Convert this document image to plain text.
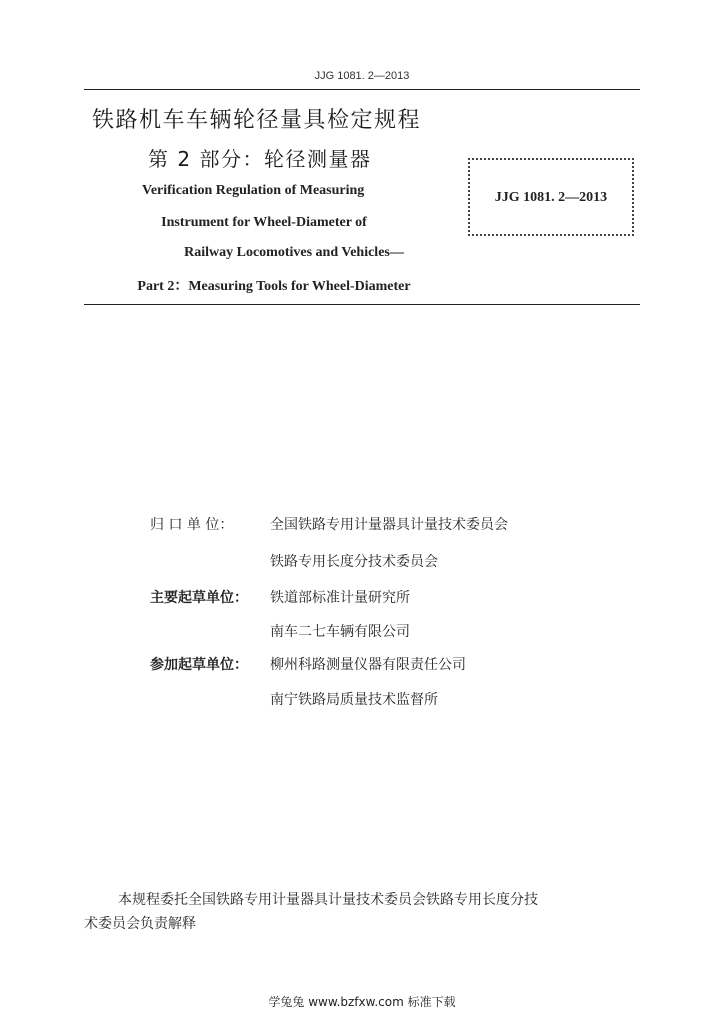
JJG 1081. 2—2013
铁路机车车辆轮径量具检定规程
第 2 部分：轮径测量器
Verification Regulation of Measuring
Instrument for Wheel-Diameter of
Railway Locomotives and Vehicles—
Part 2：Measuring Tools for Wheel-Diameter
JJG 1081. 2—2013
归 口 单 位：	全国铁路专用计量器具计量技术委员会
铁路专用长度分技术委员会
主要起草单位：	铁道部标准计量研究所
南车二七车辆有限公司
参加起草单位：	柳州科路测量仪器有限责任公司
南宁铁路局质量技术监督所
本规程委托全国铁路专用计量器具计量技术委员会铁路专用长度分技
术委员会负责解释
学兔兔 www.bzfxw.com 标准下载
